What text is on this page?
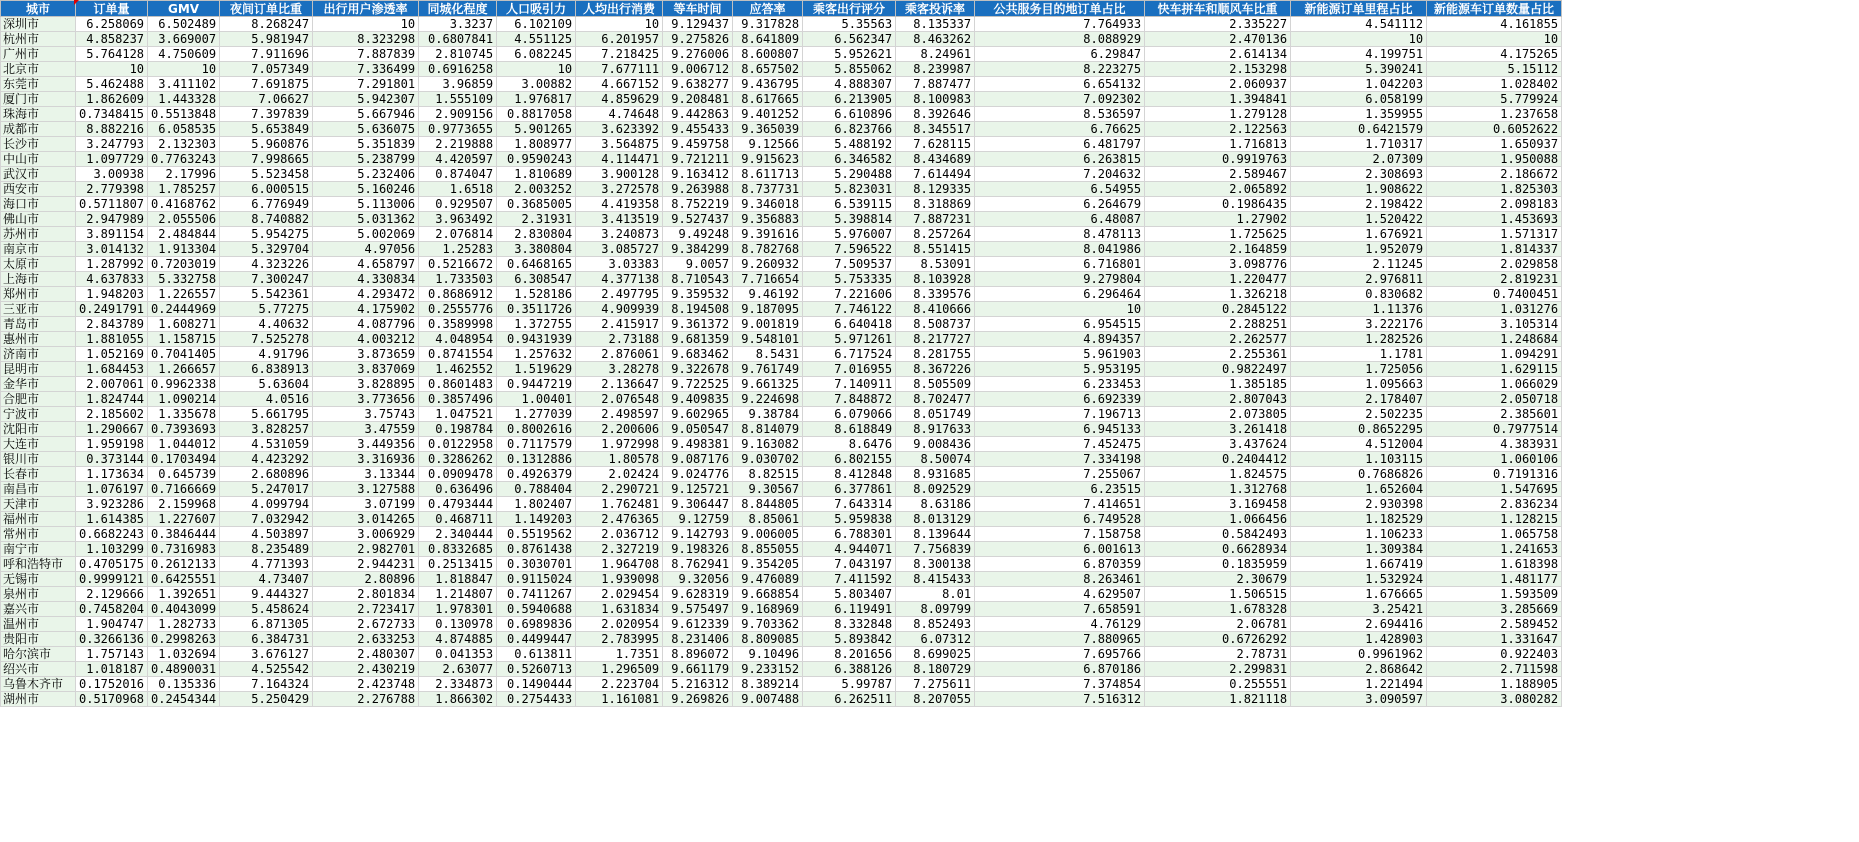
城市	订单量	GMV	夜间订单比重	出行用户渗透率	同城化程度	人口吸引力	人均出行消费	等车时间	应答率	乘客出行评分	乘客投诉率	公共服务目的地订单占比	快车拼车和顺风车比重	新能源订单里程占比	新能源车订单数量占比
深圳市	6.258069	6.502489	8.268247	10	3.3237	6.102109	10	9.129437	9.317828	5.35563	8.135337	7.764933	2.335227	4.541112	4.161855
杭州市	4.858237	3.669007	5.981947	8.323298	0.6807841	4.551125	6.201957	9.275826	8.641809	6.562347	8.463262	8.088929	2.470136	10	10
广州市	5.764128	4.750609	7.911696	7.887839	2.810745	6.082245	7.218425	9.276006	8.600807	5.952621	8.24961	6.29847	2.614134	4.199751	4.175265
北京市	10	10	7.057349	7.336499	0.6916258	10	7.677111	9.006712	8.657502	5.855062	8.239987	8.223275	2.153298	5.390241	5.15112
东莞市	5.462488	3.411102	7.691875	7.291801	3.96859	3.00882	4.667152	9.638277	9.436795	4.888307	7.887477	6.654132	2.060937	1.042203	1.028402
厦门市	1.862609	1.443328	7.06627	5.942307	1.555109	1.976817	4.859629	9.208481	8.617665	6.213905	8.100983	7.092302	1.394841	6.058199	5.779924
珠海市	0.7348415	0.5513848	7.397839	5.667946	2.909156	0.8817058	4.74648	9.442863	9.401252	6.610896	8.392646	8.536597	1.279128	1.359955	1.237658
成都市	8.882216	6.058535	5.653849	5.636075	0.9773655	5.901265	3.623392	9.455433	9.365039	6.823766	8.345517	6.76625	2.122563	0.6421579	0.6052622
长沙市	3.247793	2.132303	5.960876	5.351839	2.219888	1.808977	3.564875	9.459758	9.12566	5.488192	7.628115	6.481797	1.716813	1.710317	1.650937
中山市	1.097729	0.7763243	7.998665	5.238799	4.420597	0.9590243	4.114471	9.721211	9.915623	6.346582	8.434689	6.263815	0.9919763	2.07309	1.950088
武汉市	3.00938	2.17996	5.523458	5.232406	0.874047	1.810689	3.900128	9.163412	8.611713	5.290488	7.614494	7.204632	2.589467	2.308693	2.186672
西安市	2.779398	1.785257	6.000515	5.160246	1.6518	2.003252	3.272578	9.263988	8.737731	5.823031	8.129335	6.54955	2.065892	1.908622	1.825303
海口市	0.5711807	0.4168762	6.776949	5.113006	0.929507	0.3685005	4.419358	8.752219	9.346018	6.539115	8.318869	6.264679	0.1986435	2.198422	2.098183
佛山市	2.947989	2.055506	8.740882	5.031362	3.963492	2.31931	3.413519	9.527437	9.356883	5.398814	7.887231	6.48087	1.27902	1.520422	1.453693
苏州市	3.891154	2.484844	5.954275	5.002069	2.076814	2.830804	3.240873	9.49248	9.391616	5.976007	8.257264	8.478113	1.725625	1.676921	1.571317
南京市	3.014132	1.913304	5.329704	4.97056	1.25283	3.380804	3.085727	9.384299	8.782768	7.596522	8.551415	8.041986	2.164859	1.952079	1.814337
太原市	1.287992	0.7203019	4.323226	4.658797	0.5216672	0.6468165	3.03383	9.0057	9.260932	7.509537	8.53091	6.716801	3.098776	2.11245	2.029858
上海市	4.637833	5.332758	7.300247	4.330834	1.733503	6.308547	4.377138	8.710543	7.716654	5.753335	8.103928	9.279804	1.220477	2.976811	2.819231
郑州市	1.948203	1.226557	5.542361	4.293472	0.8686912	1.528186	2.497795	9.359532	9.46192	7.221606	8.339576	6.296464	1.326218	0.830682	0.7400451
三亚市	0.2491791	0.2444969	5.77275	4.175902	0.2555776	0.3511726	4.909939	8.194508	9.187095	7.746122	8.410666	10	0.2845122	1.11376	1.031276
青岛市	2.843789	1.608271	4.40632	4.087796	0.3589998	1.372755	2.415917	9.361372	9.001819	6.640418	8.508737	6.954515	2.288251	3.222176	3.105314
惠州市	1.881055	1.158715	7.525278	4.003212	4.048954	0.9431939	2.73188	9.681359	9.548101	5.971261	8.217727	4.894357	2.262577	1.282526	1.248684
济南市	1.052169	0.7041405	4.91796	3.873659	0.8741554	1.257632	2.876061	9.683462	8.5431	6.717524	8.281755	5.961903	2.255361	1.1781	1.094291
昆明市	1.684453	1.266657	6.838913	3.837069	1.462552	1.519629	3.28278	9.322678	9.761749	7.016955	8.367226	5.953195	0.9822497	1.725056	1.629115
金华市	2.007061	0.9962338	5.63604	3.828895	0.8601483	0.9447219	2.136647	9.722525	9.661325	7.140911	8.505509	6.233453	1.385185	1.095663	1.066029
合肥市	1.824744	1.090214	4.0516	3.773656	0.3857496	1.00401	2.076548	9.409835	9.224698	7.848872	8.702477	6.692339	2.807043	2.178407	2.050718
宁波市	2.185602	1.335678	5.661795	3.75743	1.047521	1.277039	2.498597	9.602965	9.38784	6.079066	8.051749	7.196713	2.073805	2.502235	2.385601
沈阳市	1.290667	0.7393693	3.828257	3.47559	0.198784	0.8002616	2.200606	9.050547	8.814079	8.618849	8.917633	6.945133	3.261418	0.8652295	0.7977514
大连市	1.959198	1.044012	4.531059	3.449356	0.0122958	0.7117579	1.972998	9.498381	9.163082	8.6476	9.008436	7.452475	3.437624	4.512004	4.383931
银川市	0.373144	0.1703494	4.423292	3.316936	0.3286262	0.1312886	1.80578	9.087176	9.030702	6.802155	8.50074	7.334198	0.2404412	1.103115	1.060106
长春市	1.173634	0.645739	2.680896	3.13344	0.0909478	0.4926379	2.02424	9.024776	8.82515	8.412848	8.931685	7.255067	1.824575	0.7686826	0.7191316
南昌市	1.076197	0.7166669	5.247017	3.127588	0.636496	0.788404	2.290721	9.125721	9.30567	6.377861	8.092529	6.23515	1.312768	1.652604	1.547695
天津市	3.923286	2.159968	4.099794	3.07199	0.4793444	1.802407	1.762481	9.306447	8.844805	7.643314	8.63186	7.414651	3.169458	2.930398	2.836234
福州市	1.614385	1.227607	7.032942	3.014265	0.468711	1.149203	2.476365	9.12759	8.85061	5.959838	8.013129	6.749528	1.066456	1.182529	1.128215
常州市	0.6682243	0.3846444	4.503897	3.006929	2.340444	0.5519562	2.036712	9.142793	9.006005	6.788301	8.139644	7.158758	0.5842493	1.106233	1.065758
南宁市	1.103299	0.7316983	8.235489	2.982701	0.8332685	0.8761438	2.327219	9.198326	8.855055	4.944071	7.756839	6.001613	0.6628934	1.309384	1.241653
呼和浩特市	0.4705175	0.2612133	4.771393	2.944231	0.2513415	0.3030701	1.964708	8.762941	9.354205	7.043197	8.300138	6.870359	0.1835959	1.667419	1.618398
无锡市	0.9999121	0.6425551	4.73407	2.80896	1.818847	0.9115024	1.939098	9.32056	9.476089	7.411592	8.415433	8.263461	2.30679	1.532924	1.481177
泉州市	2.129666	1.392651	9.444327	2.801834	1.214807	0.7411267	2.029454	9.628319	9.668854	5.803407	8.01	4.629507	1.506515	1.676665	1.593509
嘉兴市	0.7458204	0.4043099	5.458624	2.723417	1.978301	0.5940688	1.631834	9.575497	9.168969	6.119491	8.09799	7.658591	1.678328	3.25421	3.285669
温州市	1.904747	1.282733	6.871305	2.672733	0.130978	0.6989836	2.020954	9.612339	9.703362	8.332848	8.852493	4.76129	2.06781	2.694416	2.589452
贵阳市	0.3266136	0.2998263	6.384731	2.633253	4.874885	0.4499447	2.783995	8.231406	8.809085	5.893842	6.07312	7.880965	0.6726292	1.428903	1.331647
哈尔滨市	1.757143	1.032694	3.676127	2.480307	0.041353	0.613811	1.7351	8.896072	9.10496	8.201656	8.699025	7.695766	2.78731	0.9961962	0.922403
绍兴市	1.018187	0.4890031	4.525542	2.430219	2.63077	0.5260713	1.296509	9.661179	9.233152	6.388126	8.180729	6.870186	2.299831	2.868642	2.711598
乌鲁木齐市	0.1752016	0.135336	7.164324	2.423748	2.334873	0.1490444	2.223704	5.216312	8.389214	5.99787	7.275611	7.374854	0.255551	1.221494	1.188905
湖州市	0.5170968	0.2454344	5.250429	2.276788	1.866302	0.2754433	1.161081	9.269826	9.007488	6.262511	8.207055	7.516312	1.821118	3.090597	3.080282
